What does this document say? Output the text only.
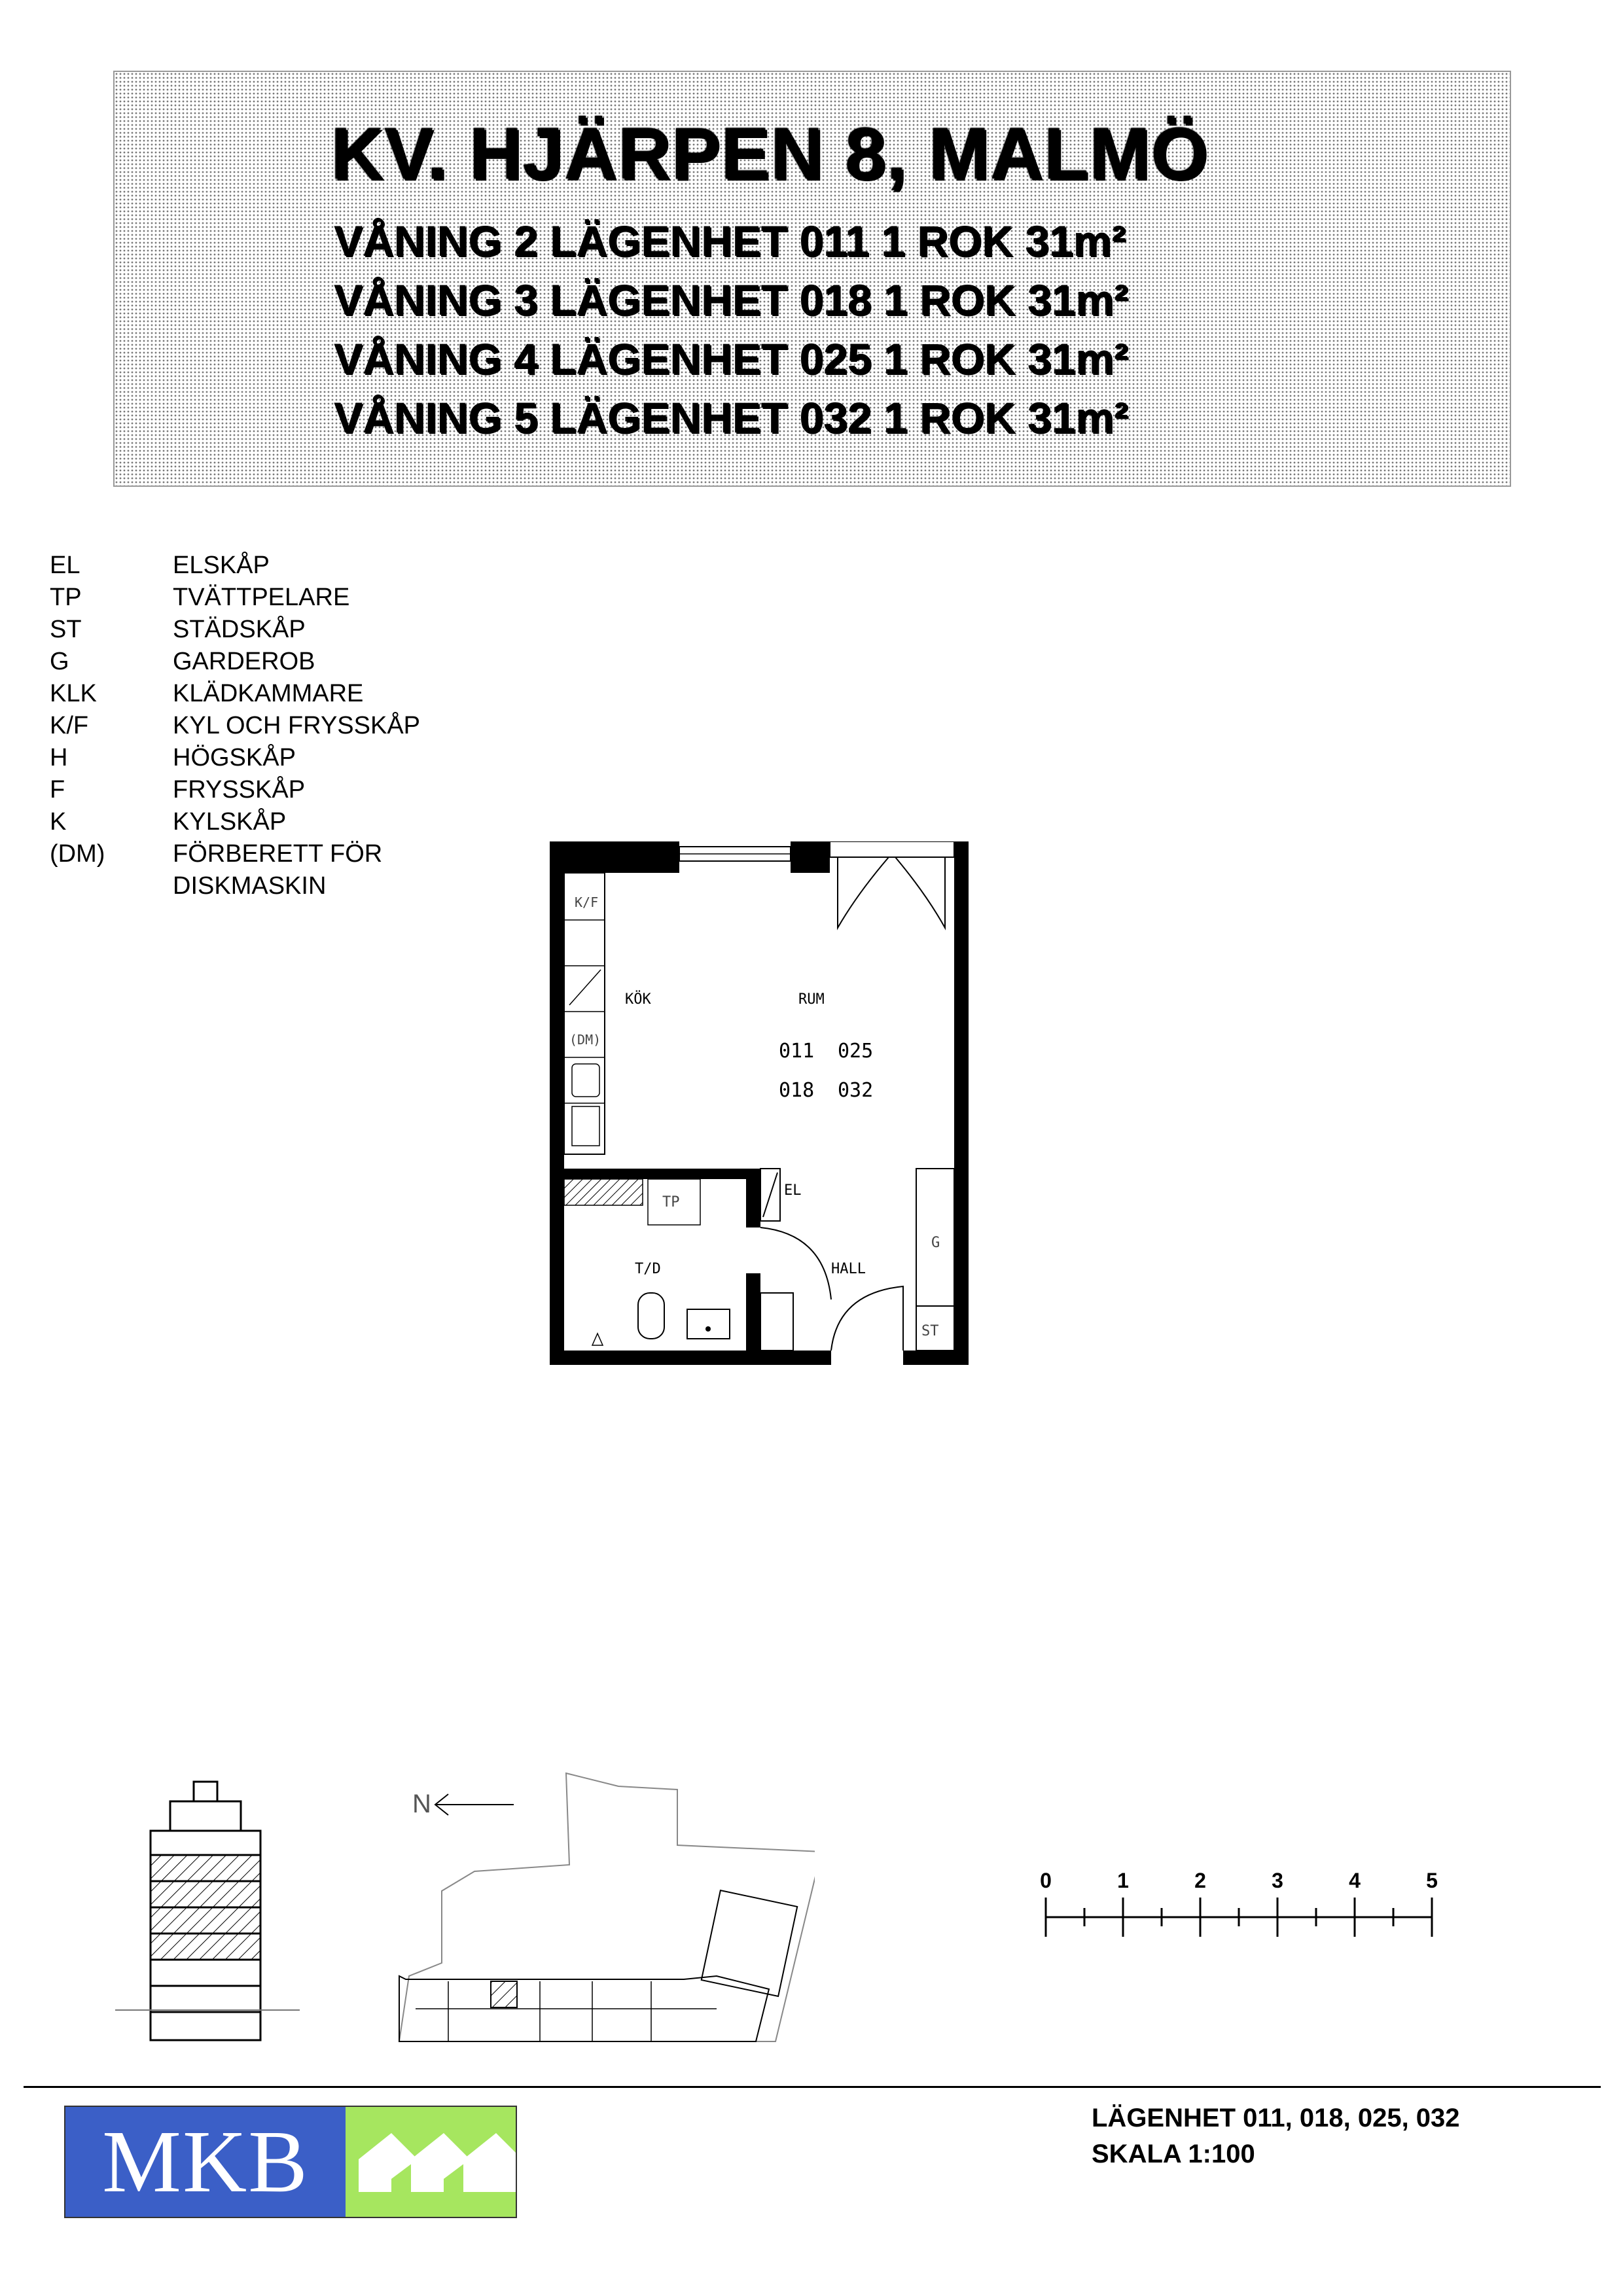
KV. HJÄRPEN 8, MALMÖ
VÅNING 2 LÄGENHET 011 1 ROK 31m²
VÅNING 3 LÄGENHET 018 1 ROK 31m²
VÅNING 4 LÄGENHET 025 1 ROK 31m²
VÅNING 5 LÄGENHET 032 1 ROK 31m²
EL	ELSKÅP
TP	TVÄTTPELARE
ST	STÄDSKÅP
G	GARDEROB
KLK	KLÄDKAMMARE
K/F	KYL OCH FRYSSKÅP
H	HÖGSKÅP
F	FRYSSKÅP
K	KYLSKÅP
(DM)	FÖRBERETT FÖR
DISKMASKIN
K/F
(DM)
KÖK	RUM
011 025
018 032
EL
TP
T/D	HALL
G
ST
N
0	1	2	3	4	5
MKB	LÄGENHET 011, 018, 025, 032
SKALA 1:100
